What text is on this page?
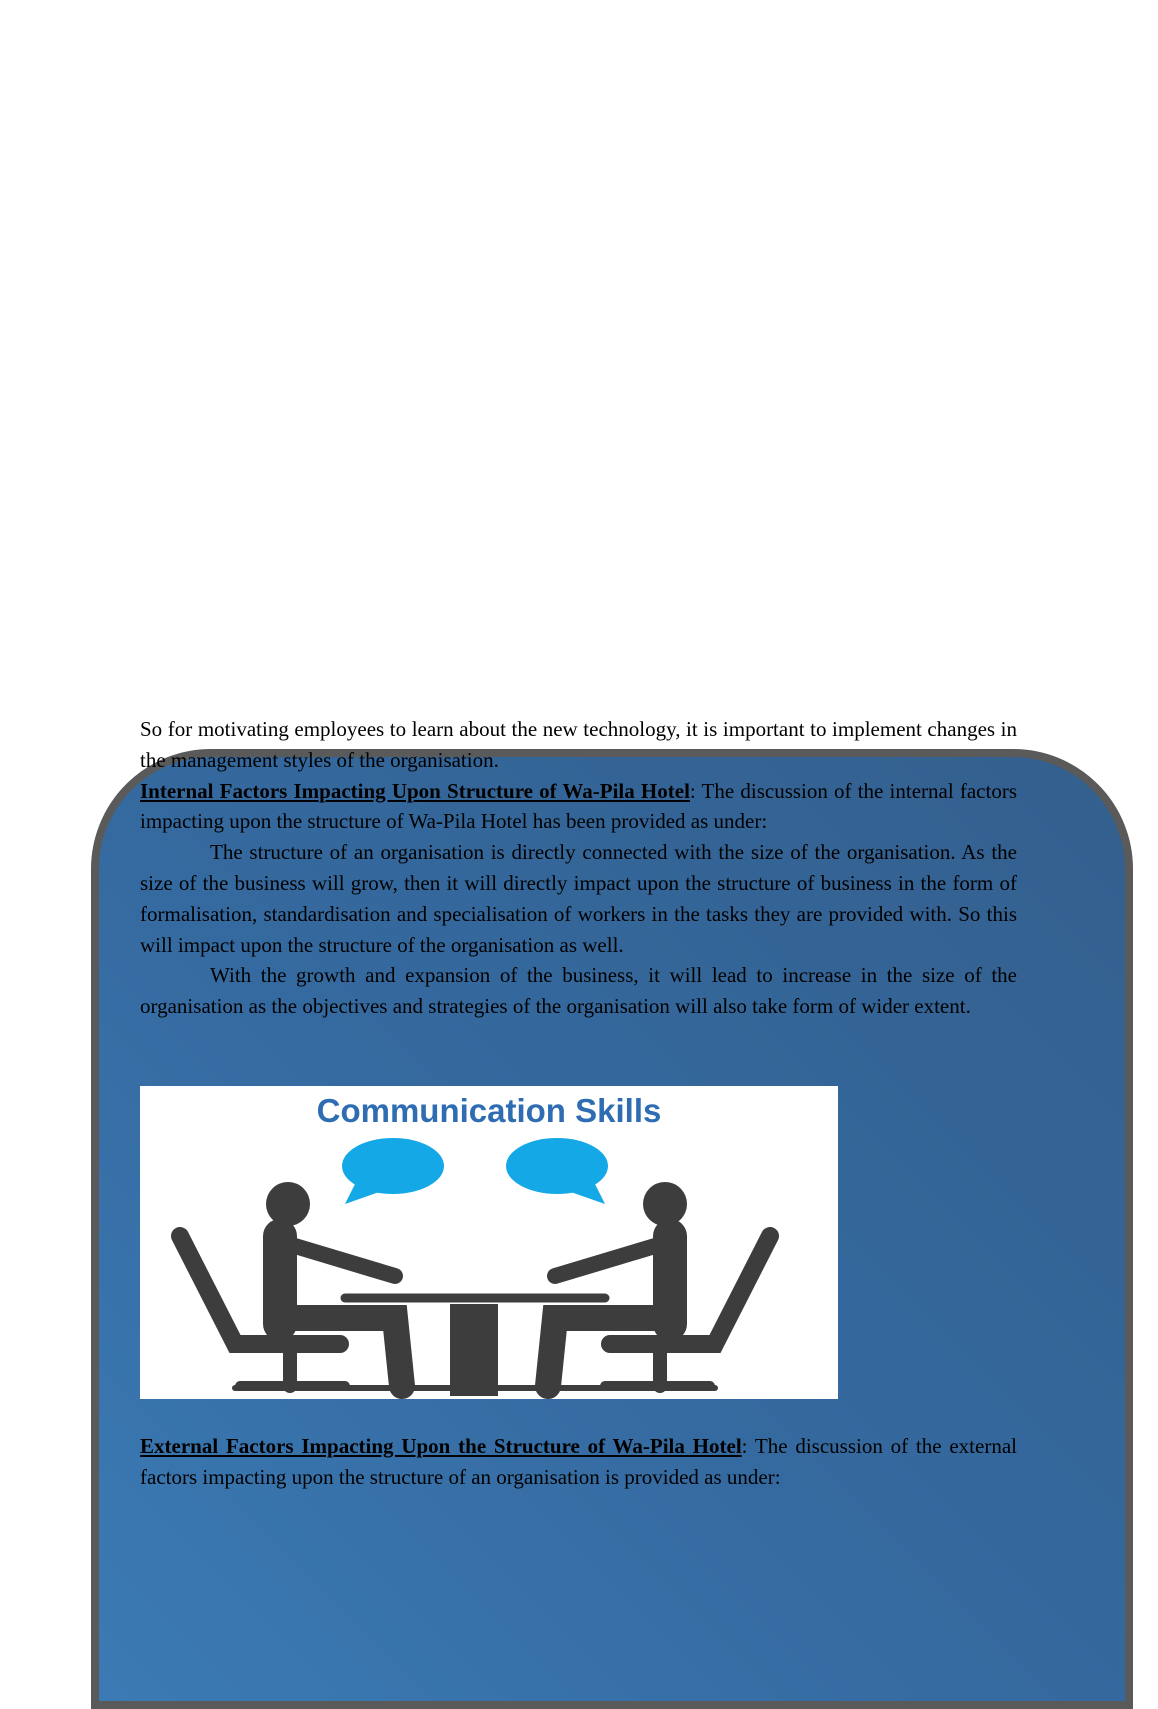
So for motivating employees to learn about the new technology, it is important to implement changes in the management styles of the organisation.

Internal Factors Impacting Upon Structure of Wa-Pila Hotel: The discussion of the internal factors impacting upon the structure of Wa-Pila Hotel has been provided as under:

The structure of an organisation is directly connected with the size of the organisation. As the size of the business will grow, then it will directly impact upon the structure of business in the form of formalisation, standardisation and specialisation of workers in the tasks they are provided with. So this will impact upon the structure of the organisation as well.

With the growth and expansion of the business, it will lead to increase in the size of the organisation as the objectives and strategies of the organisation will also take form of wider extent.

Communication Skills

External Factors Impacting Upon the Structure of Wa-Pila Hotel: The discussion of the external factors impacting upon the structure of an organisation is provided as under:
